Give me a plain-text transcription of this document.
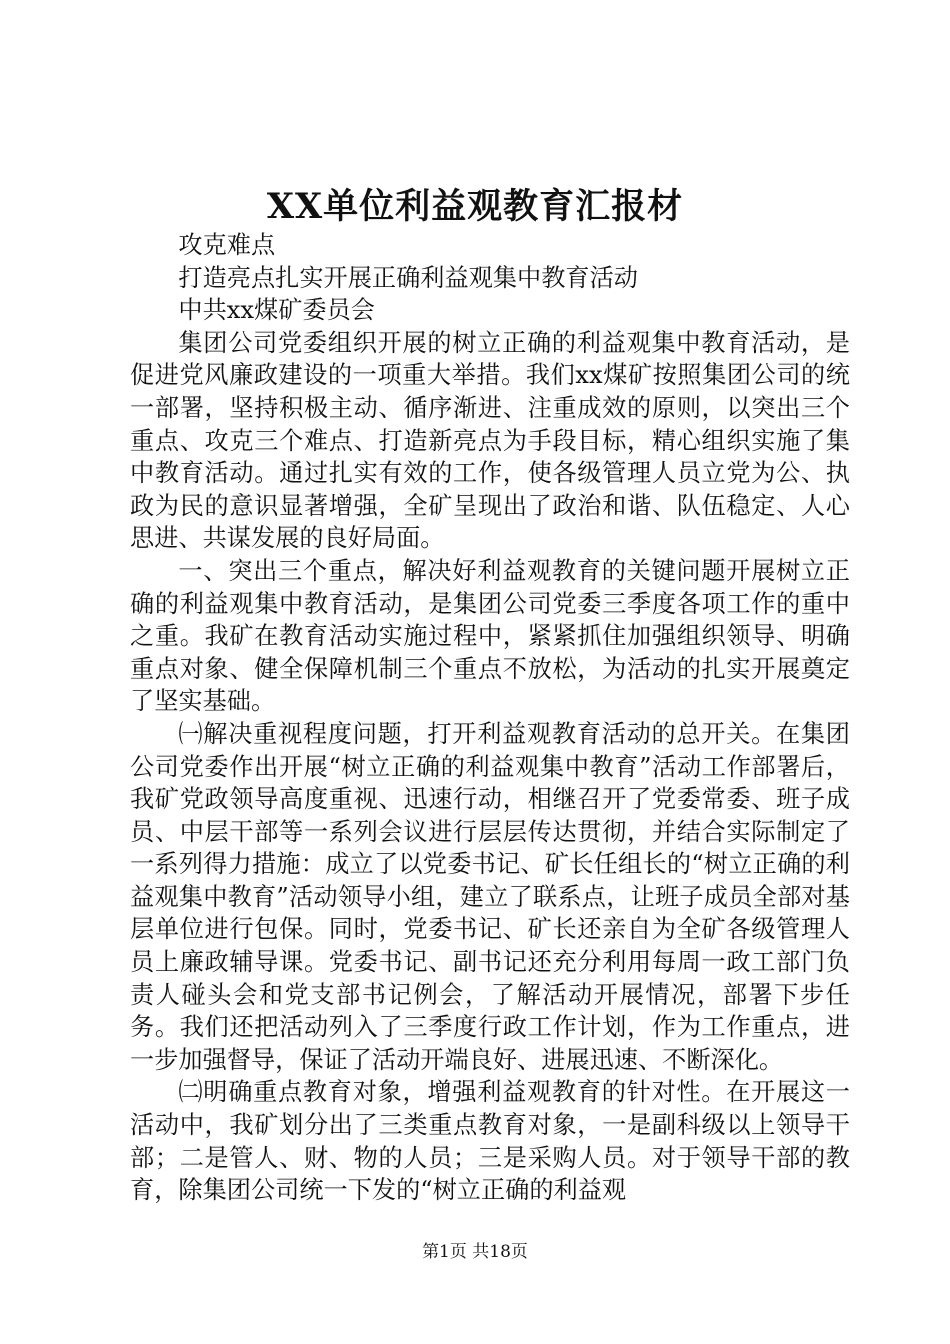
XX单位利益观教育汇报材

攻克难点

打造亮点扎实开展正确利益观集中教育活动

中共xx煤矿委员会

集团公司党委组织开展的树立正确的利益观集中教育活动，是促进党风廉政建设的一项重大举措。我们xx煤矿按照集团公司的统一部署，坚持积极主动、循序渐进、注重成效的原则，以突出三个重点、攻克三个难点、打造新亮点为手段目标，精心组织实施了集中教育活动。通过扎实有效的工作，使各级管理人员立党为公、执政为民的意识显著增强，全矿呈现出了政治和谐、队伍稳定、人心思进、共谋发展的良好局面。

一、突出三个重点，解决好利益观教育的关键问题开展树立正确的利益观集中教育活动，是集团公司党委三季度各项工作的重中之重。我矿在教育活动实施过程中，紧紧抓住加强组织领导、明确重点对象、健全保障机制三个重点不放松，为活动的扎实开展奠定了坚实基础。

㈠解决重视程度问题，打开利益观教育活动的总开关。在集团公司党委作出开展“树立正确的利益观集中教育”活动工作部署后，我矿党政领导高度重视、迅速行动，相继召开了党委常委、班子成员、中层干部等一系列会议进行层层传达贯彻，并结合实际制定了一系列得力措施：成立了以党委书记、矿长任组长的“树立正确的利益观集中教育”活动领导小组，建立了联系点，让班子成员全部对基层单位进行包保。同时，党委书记、矿长还亲自为全矿各级管理人员上廉政辅导课。党委书记、副书记还充分利用每周一政工部门负责人碰头会和党支部书记例会，了解活动开展情况，部署下步任务。我们还把活动列入了三季度行政工作计划，作为工作重点，进一步加强督导，保证了活动开端良好、进展迅速、不断深化。

㈡明确重点教育对象，增强利益观教育的针对性。在开展这一活动中，我矿划分出了三类重点教育对象，一是副科级以上领导干部；二是管人、财、物的人员；三是采购人员。对于领导干部的教育，除集团公司统一下发的“树立正确的利益观

第1页 共18页
